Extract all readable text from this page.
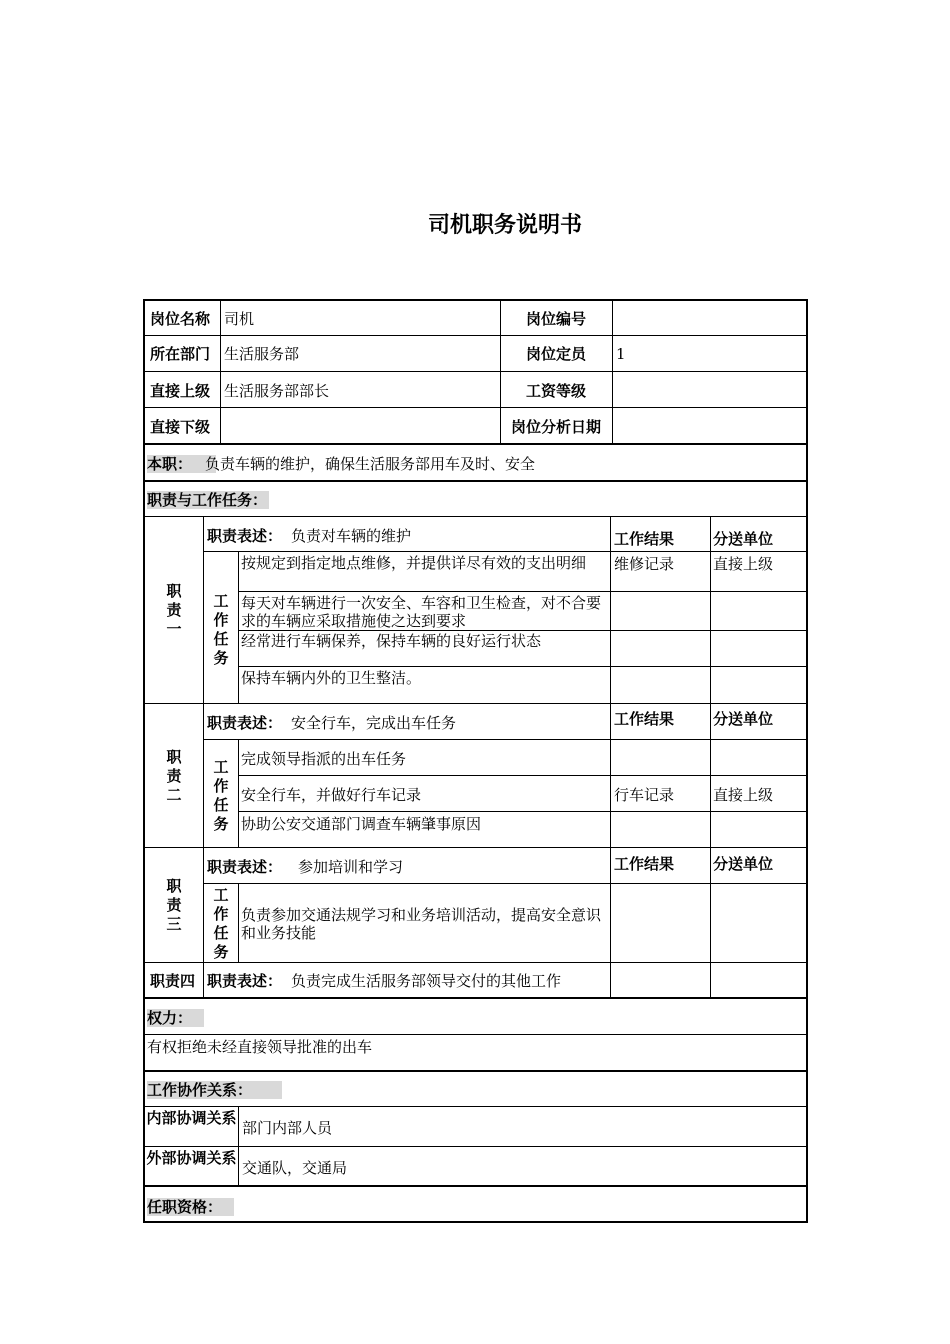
司机职务说明书
岗位名称 司机	岗位编号
所在部门 生活服务部	岗位定员	1
直接上级 生活服务部部长	工资等级
直接下级	岗位分析日期
本职： 负责车辆的维护，确保生活服务部用车及时、安全
职责与工作任务：
职责一
职责表述： 负责对车辆的维护	工作结果	分送单位
工作任务
按规定到指定地点维修，并提供详尽有效的支出明细	维修记录	直接上级
每天对车辆进行一次安全、车容和卫生检查，对不合要求的车辆应采取措施使之达到要求
经常进行车辆保养，保持车辆的良好运行状态
保持车辆内外的卫生整洁。
职责二
职责表述： 安全行车，完成出车任务	工作结果	分送单位
工作任务
完成领导指派的出车任务
安全行车，并做好行车记录	行车记录	直接上级
协助公安交通部门调查车辆肇事原因
职责三
职责表述： 参加培训和学习	工作结果	分送单位
工作任务
负责参加交通法规学习和业务培训活动，提高安全意识和业务技能
职责四 职责表述： 负责完成生活服务部领导交付的其他工作
权力：
有权拒绝未经直接领导批准的出车
工作协作关系：
内部协调关系
部门内部人员
外部协调关系
交通队，交通局
任职资格：
